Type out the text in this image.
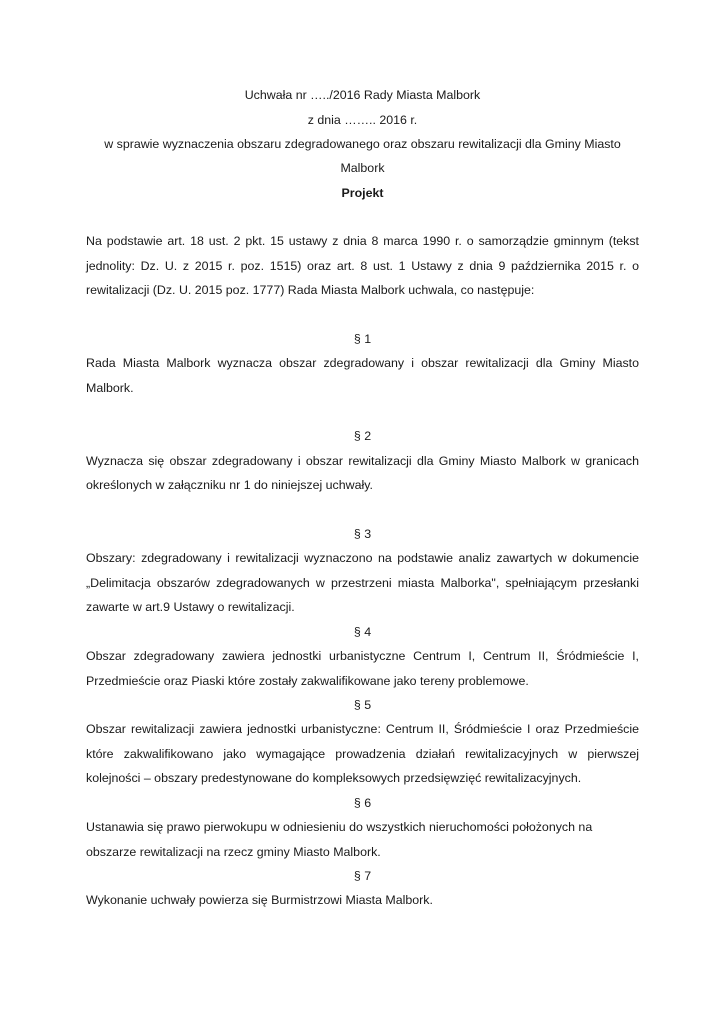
Uchwała nr …../2016 Rady Miasta Malbork
z dnia …….. 2016 r.
w sprawie wyznaczenia obszaru zdegradowanego oraz obszaru rewitalizacji dla Gminy Miasto
Malbork
Projekt
Na podstawie art. 18 ust. 2 pkt. 15 ustawy z dnia 8 marca 1990 r. o samorządzie gminnym (tekst
jednolity: Dz. U. z 2015 r. poz. 1515) oraz art. 8 ust. 1 Ustawy z dnia 9 października 2015 r. o
rewitalizacji (Dz. U. 2015 poz. 1777) Rada Miasta Malbork uchwala, co następuje:
§ 1
Rada Miasta Malbork wyznacza obszar zdegradowany i obszar rewitalizacji dla Gminy Miasto
Malbork.
§ 2
Wyznacza się obszar zdegradowany i obszar rewitalizacji dla Gminy Miasto Malbork w granicach
określonych w załączniku nr 1 do niniejszej uchwały.
§ 3
Obszary: zdegradowany i rewitalizacji wyznaczono na podstawie analiz zawartych w dokumencie
„Delimitacja obszarów zdegradowanych w przestrzeni miasta Malborka", spełniającym przesłanki
zawarte w art.9 Ustawy o rewitalizacji.
§ 4
Obszar zdegradowany zawiera jednostki urbanistyczne Centrum I, Centrum II, Śródmieście I,
Przedmieście oraz Piaski które zostały zakwalifikowane jako tereny problemowe.
§ 5
Obszar rewitalizacji zawiera jednostki urbanistyczne: Centrum II, Śródmieście I oraz Przedmieście
które zakwalifikowano jako wymagające prowadzenia działań rewitalizacyjnych w pierwszej
kolejności – obszary predestynowane do kompleksowych przedsięwzięć rewitalizacyjnych.
§ 6
Ustanawia się prawo pierwokupu w odniesieniu do wszystkich nieruchomości położonych na
obszarze rewitalizacji na rzecz gminy Miasto Malbork.
§ 7
Wykonanie uchwały powierza się Burmistrzowi Miasta Malbork.
